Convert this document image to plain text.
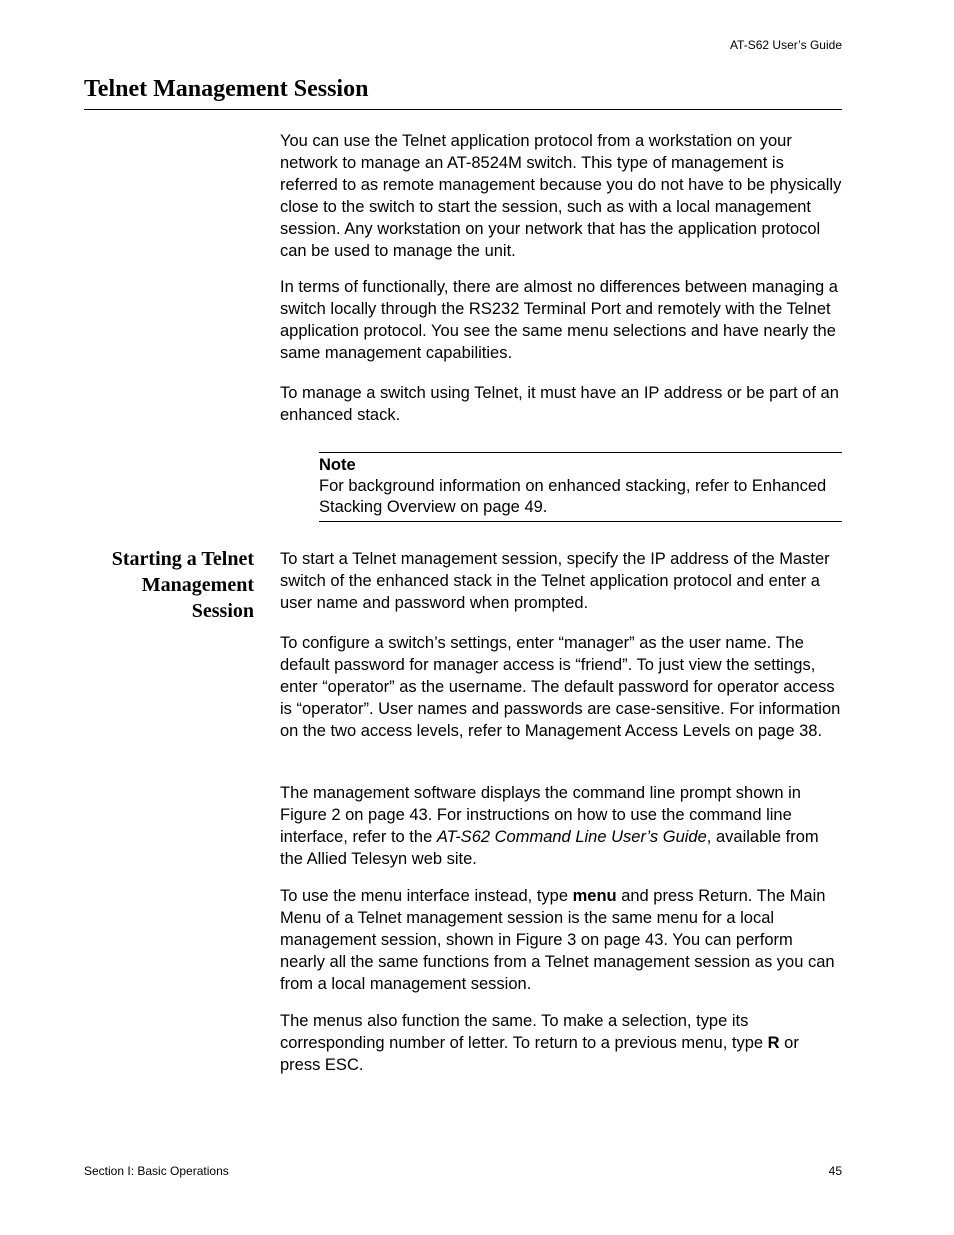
AT-S62 User’s Guide
Telnet Management Session

You can use the Telnet application protocol from a workstation on your network to manage an AT-8524M switch. This type of management is referred to as remote management because you do not have to be physically close to the switch to start the session, such as with a local management session. Any workstation on your network that has the application protocol can be used to manage the unit.

In terms of functionally, there are almost no differences between managing a switch locally through the RS232 Terminal Port and remotely with the Telnet application protocol. You see the same menu selections and have nearly the same management capabilities.

To manage a switch using Telnet, it must have an IP address or be part of an enhanced stack.

Note
For background information on enhanced stacking, refer to Enhanced Stacking Overview on page 49.
Starting a Telnet Management Session

To start a Telnet management session, specify the IP address of the Master switch of the enhanced stack in the Telnet application protocol and enter a user name and password when prompted.

To configure a switch’s settings, enter “manager” as the user name. The default password for manager access is “friend”. To just view the settings, enter “operator” as the username. The default password for operator access is “operator”. User names and passwords are case-sensitive. For information on the two access levels, refer to Management Access Levels on page 38.

The management software displays the command line prompt shown in Figure 2 on page 43. For instructions on how to use the command line interface, refer to the AT-S62 Command Line User’s Guide, available from the Allied Telesyn web site.

To use the menu interface instead, type menu and press Return. The Main Menu of a Telnet management session is the same menu for a local management session, shown in Figure 3 on page 43. You can perform nearly all the same functions from a Telnet management session as you can from a local management session.

The menus also function the same. To make a selection, type its corresponding number of letter. To return to a previous menu, type R or press ESC.

Section I: Basic Operations	45
